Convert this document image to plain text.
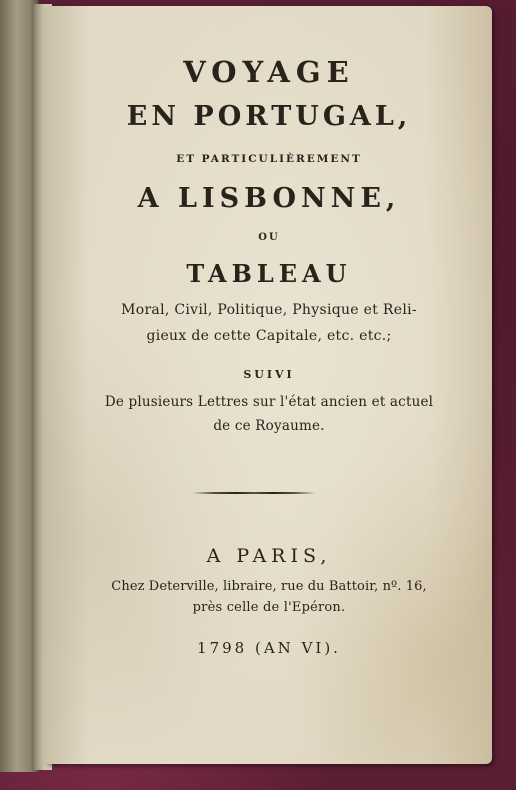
VOYAGE
EN PORTUGAL,
ET PARTICULIÈREMENT
A LISBONNE,
OU
TABLEAU
Moral, Civil, Politique, Physique et Reli-
gieux de cette Capitale, etc. etc.;
SUIVI
De plusieurs Lettres sur l'état ancien et actuel
de ce Royaume.
A PARIS,
Chez Deterville, libraire, rue du Battoir, nº. 16,
près celle de l'Epéron.
1798 (AN VI).
